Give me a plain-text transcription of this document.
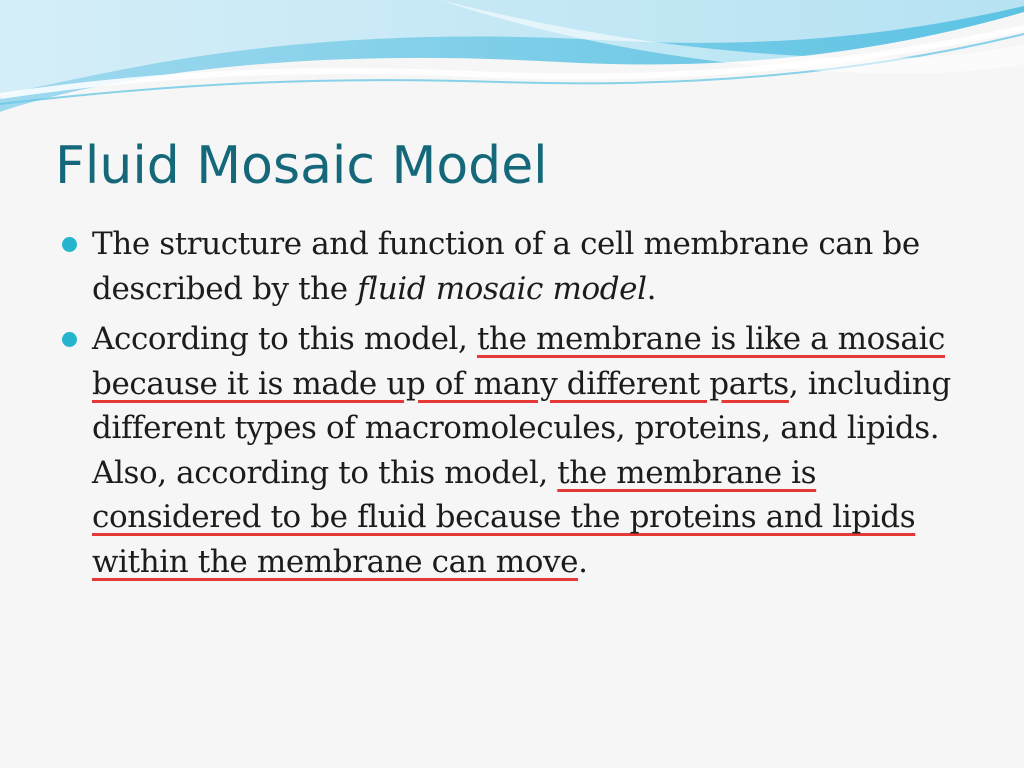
Fluid Mosaic Model
The structure and function of a cell membrane can be described by the fluid mosaic model.
According to this model, the membrane is like a mosaic because it is made up of many different parts, including different types of macromolecules, proteins, and lipids. Also, according to this model, the membrane is considered to be fluid because the proteins and lipids within the membrane can move.
